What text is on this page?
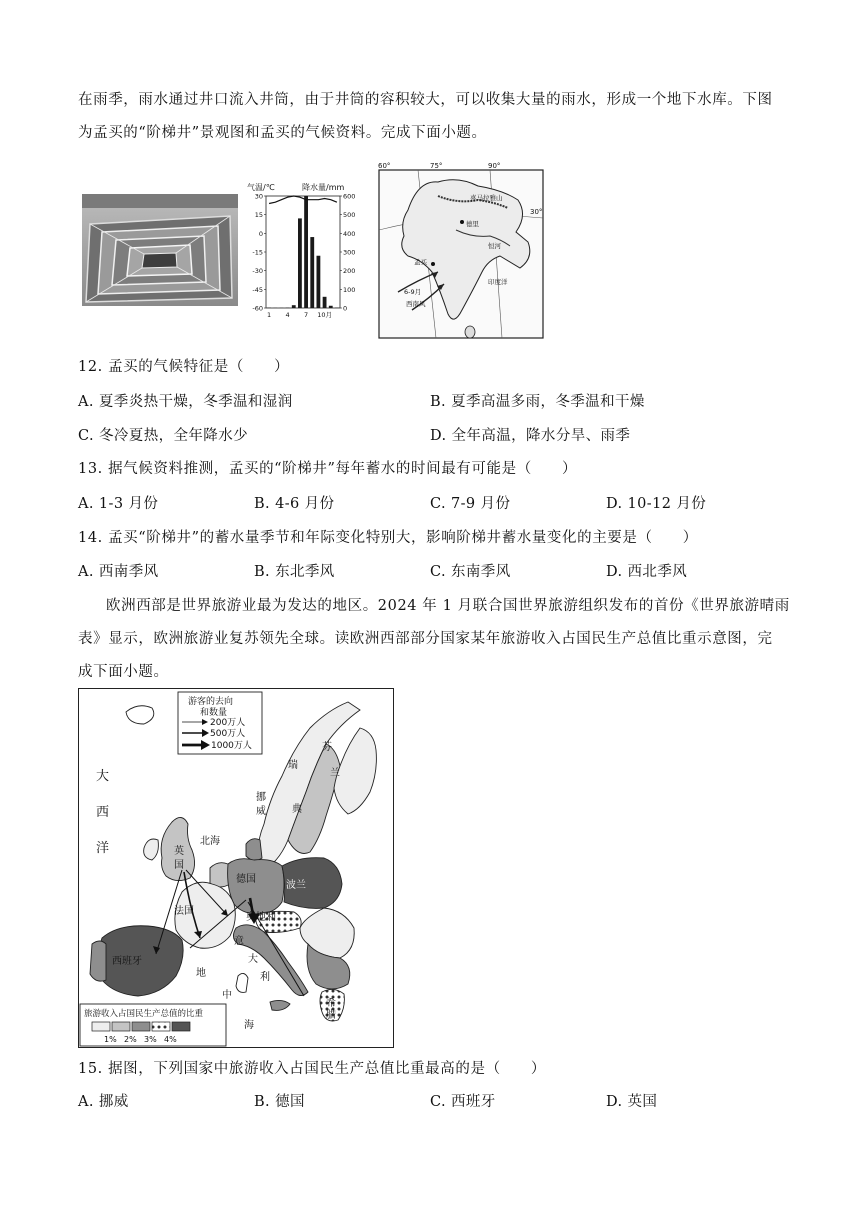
在雨季，雨水通过井口流入井筒，由于井筒的容积较大，可以收集大量的雨水，形成一个地下水库。下图
为孟买的“阶梯井”景观图和孟买的气候资料。完成下面小题。
气温/℃	降水量/mm
30
15
0
-15
-30
-45
-60
600
500
400
300
200
100
0
1 4 7 10月
60°	75°	90°
30°
喜马拉雅山
德里
恒河
孟买
6-9月
西南风
印度洋
12. 孟买的气候特征是（　　）
A. 夏季炎热干燥，冬季温和湿润	B. 夏季高温多雨，冬季温和干燥
C. 冬冷夏热，全年降水少	D. 全年高温，降水分旱、雨季
13. 据气候资料推测，孟买的“阶梯井”每年蓄水的时间最有可能是（　　）
A. 1-3 月份	B. 4-6 月份	C. 7-9 月份	D. 10-12 月份
14. 孟买“阶梯井”的蓄水量季节和年际变化特别大，影响阶梯井蓄水量变化的主要是（　　）
A. 西南季风	B. 东北季风	C. 东南季风	D. 西北季风
欧洲西部是世界旅游业最为发达的地区。2024 年 1 月联合国世界旅游组织发布的首份《世界旅游晴雨
表》显示，欧洲旅游业复苏领先全球。读欧洲西部部分国家某年旅游收入占国民生产总值比重示意图，完
成下面小题。
游客的去向
和数量
200万人
500万人
1000万人
旅游收入占国民生产总值的比重
1% 2% 3% 4%
大
西
洋	北海
挪
威
瑞
典
芬
兰
英
国
德国
波兰
法国
奥地利
意
大
利
西班牙
地
中
海
希
腊
15. 据图，下列国家中旅游收入占国民生产总值比重最高的是（　　）
A. 挪威	B. 德国	C. 西班牙	D. 英国
